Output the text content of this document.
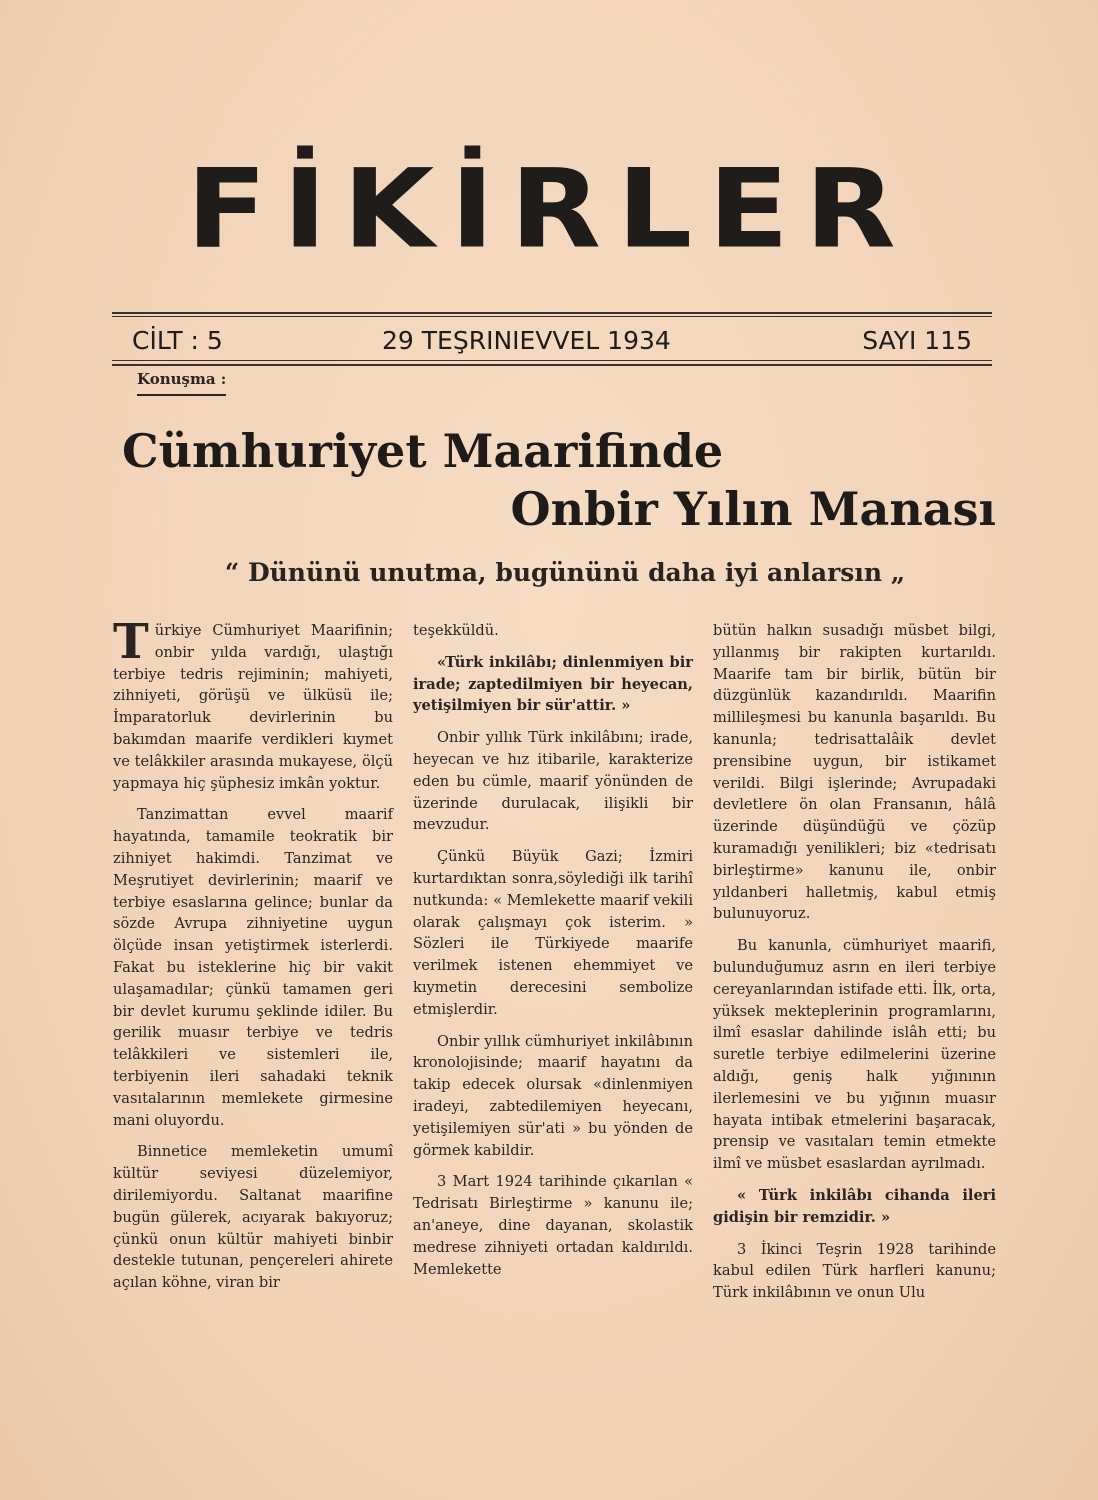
FİKİRLER
CİLT : 5	29 TEŞRINIEVVEL 1934	SAYI 115
Konuşma :
Cümhuriyet Maarifinde
Onbir Yılın Manası
“ Dününü unutma, bugününü daha iyi anlarsın „

Türkiye Cümhuriyet Maarifinin; onbir yılda vardığı, ulaştığı terbiye tedris rejiminin; mahiyeti, zihniyeti, görüşü ve ülküsü ile; İmparatorluk devirlerinin bu bakımdan maarife verdikleri kıymet ve telâkkiler arasında mukayese, ölçü yapmaya hiç şüphesiz imkân yoktur.

Tanzimattan evvel maarif hayatında, tamamile teokratik bir zihniyet hakimdi. Tanzimat ve Meşrutiyet devirlerinin; maarif ve terbiye esaslarına gelince; bunlar da sözde Avrupa zihniyetine uygun ölçüde insan yetiştirmek isterlerdi. Fakat bu isteklerine hiç bir vakit ulaşamadılar; çünkü tamamen geri bir devlet kurumu şeklinde idiler. Bu gerilik muasır terbiye ve tedris telâkkileri ve sistemleri ile, terbiyenin ileri sahadaki teknik vasıtalarının memlekete girmesine mani oluyordu.

Binnetice memleketin umumî kültür seviyesi düzelemiyor, dirilemiyordu. Saltanat maarifine bugün gülerek, acıyarak bakıyoruz; çünkü onun kültür mahiyeti binbir destekle tutunan, pençereleri ahirete açılan köhne, viran bir

teşekküldü.

«Türk inkilâbı; dinlenmiyen bir irade; zaptedilmiyen bir heyecan, yetişilmiyen bir sür'attir. »

Onbir yıllık Türk inkilâbını; irade, heyecan ve hız itibarile, karakterize eden bu cümle, maarif yönünden de üzerinde durulacak, ilişikli bir mevzudur.

Çünkü Büyük Gazi; İzmiri kurtardıktan sonra,söylediği ilk tarihî nutkunda: « Memlekette maarif vekili olarak çalışmayı çok isterim. » Sözleri ile Türkiyede maarife verilmek istenen ehemmiyet ve kıymetin derecesini sembolize etmişlerdir.

Onbir yıllık cümhuriyet inkilâbının kronolojisinde; maarif hayatını da takip edecek olursak «dinlenmiyen iradeyi, zabtedilemiyen heyecanı, yetişilemiyen sür'ati » bu yönden de görmek kabildir.

3 Mart 1924 tarihinde çıkarılan « Tedrisatı Birleştirme » kanunu ile; an'aneye, dine dayanan, skolastik medrese zihniyeti ortadan kaldırıldı. Memlekette

bütün halkın susadığı müsbet bilgi, yıllanmış bir rakipten kurtarıldı. Maarife tam bir birlik, bütün bir düzgünlük kazandırıldı. Maarifin millileşmesi bu kanunla başarıldı. Bu kanunla; tedrisattalâik devlet prensibine uygun, bir istikamet verildi. Bilgi işlerinde; Avrupadaki devletlere ön olan Fransanın, hâlâ üzerinde düşündüğü ve çözüp kuramadığı yenilikleri; biz «tedrisatı birleştirme» kanunu ile, onbir yıldanberi halletmiş, kabul etmiş bulunuyoruz.

Bu kanunla, cümhuriyet maarifi, bulunduğumuz asrın en ileri terbiye cereyanlarından istifade etti. İlk, orta, yüksek mekteplerinin programlarını, ilmî esaslar dahilinde islâh etti; bu suretle terbiye edilmelerini üzerine aldığı, geniş halk yığınının ilerlemesini ve bu yığının muasır hayata intibak etmelerini başaracak, prensip ve vasıtaları temin etmekte ilmî ve müsbet esaslardan ayrılmadı.

« Türk inkilâbı cihanda ileri gidişin bir remzidir. »

3 İkinci Teşrin 1928 tarihinde kabul edilen Türk harfleri kanunu; Türk inkilâbının ve onun Ulu
